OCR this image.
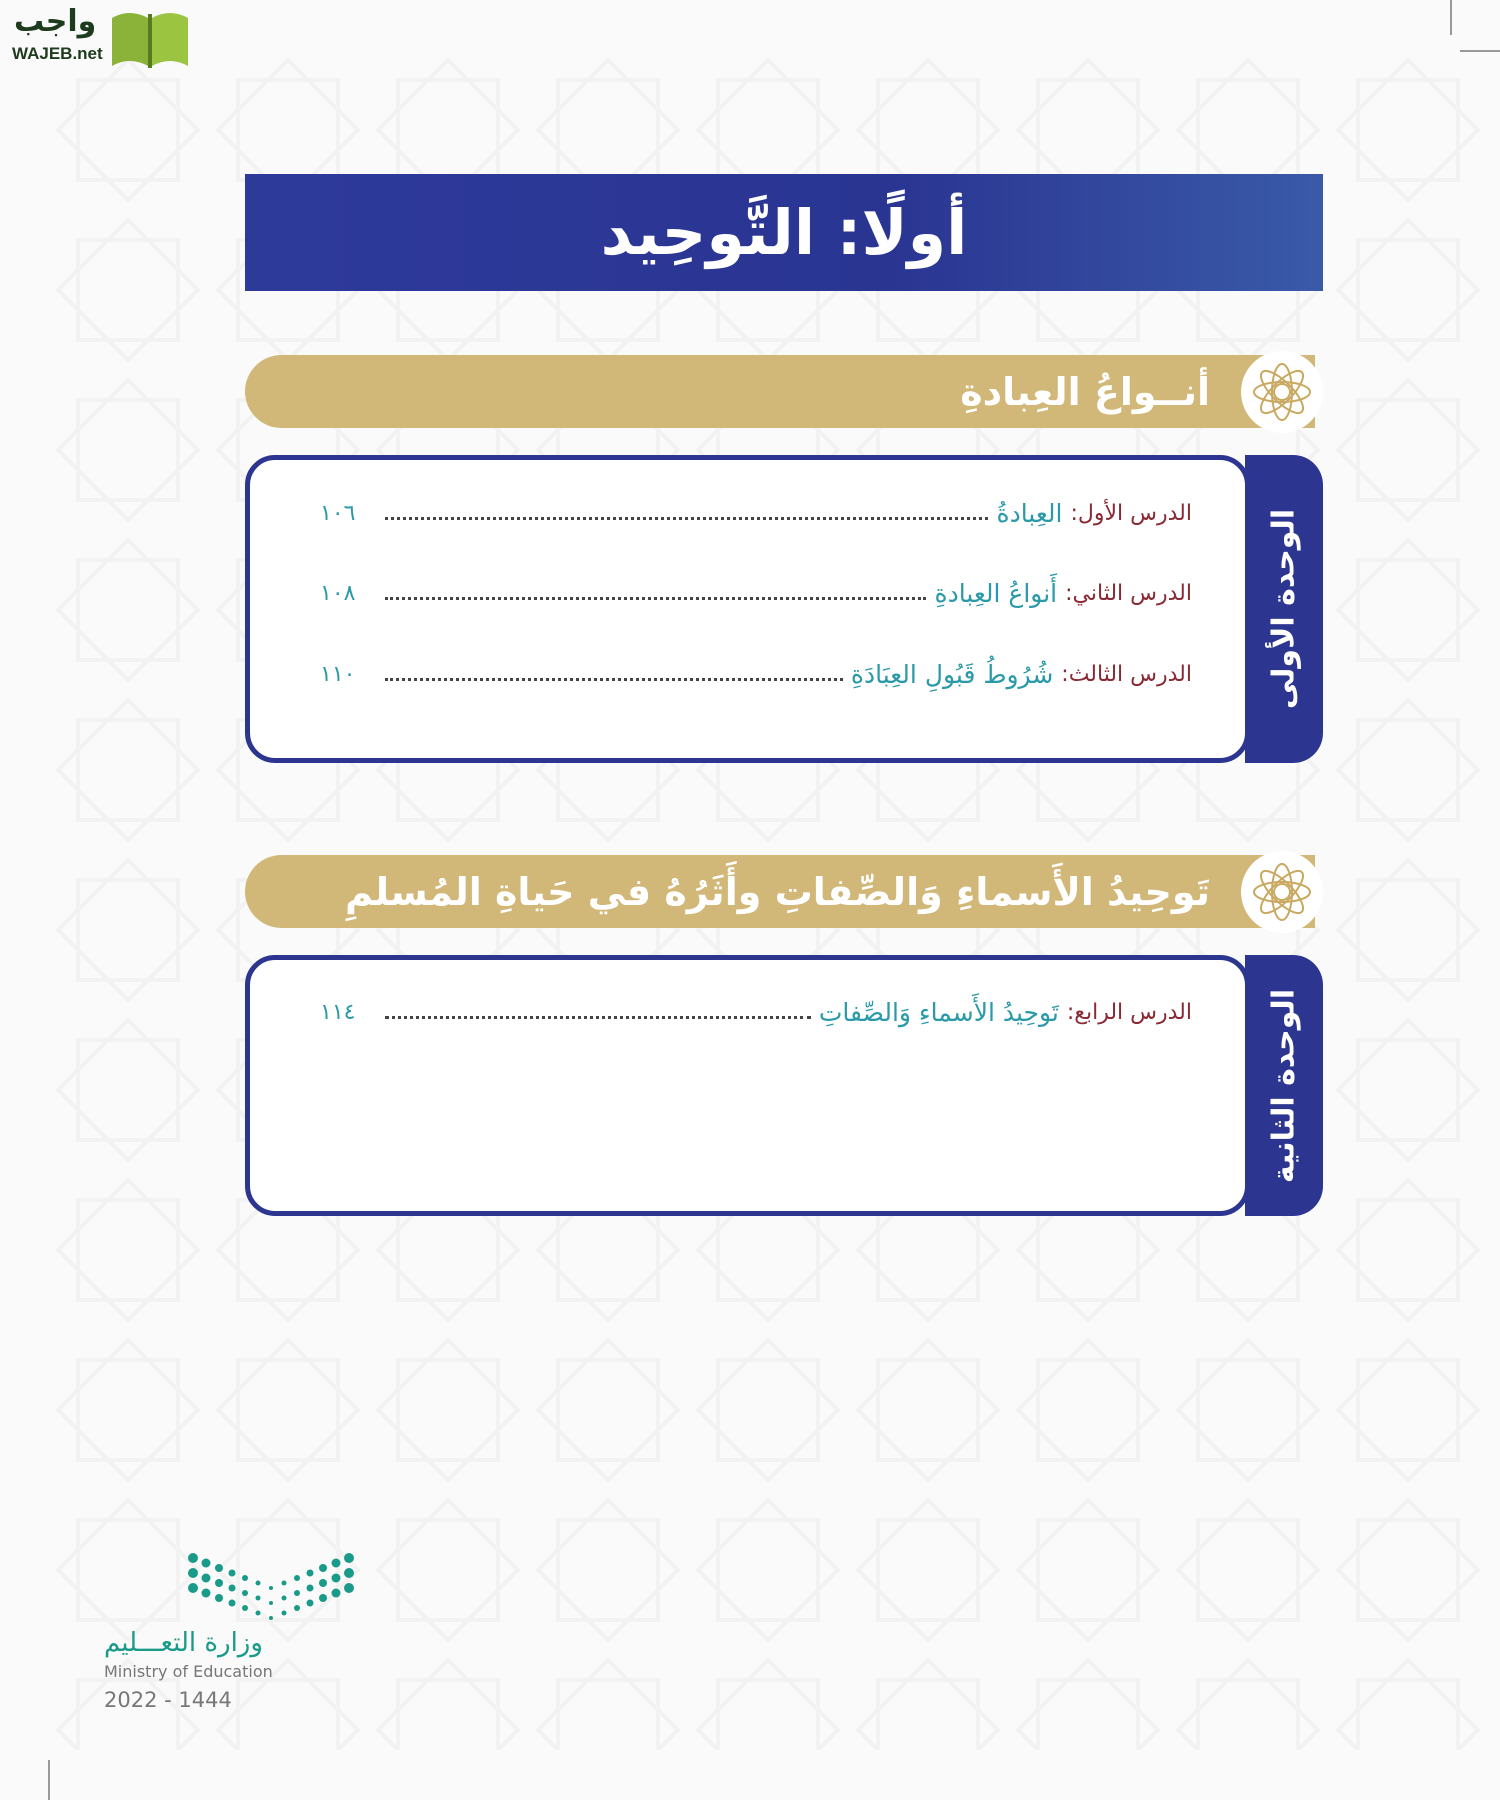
واجب
WAJEB.net
أولًا: التَّوحِيد
أنــواعُ العِبادةِ
الوحدة الأولى
الدرس الأول:
العِبادةُ
١٠٦
الدرس الثاني:
أَنواعُ العِبادةِ
١٠٨
الدرس الثالث:
شُرُوطُ قَبُولِ العِبَادَةِ
١١٠
تَوحِيدُ الأَسماءِ وَالصِّفاتِ وأَثَرُهُ في حَياةِ المُسلمِ
الوحدة الثانية
الدرس الرابع:
تَوحِيدُ الأَسماءِ وَالصِّفاتِ
١١٤
وزارة التعـــليم
Ministry of Education
2022 - 1444
